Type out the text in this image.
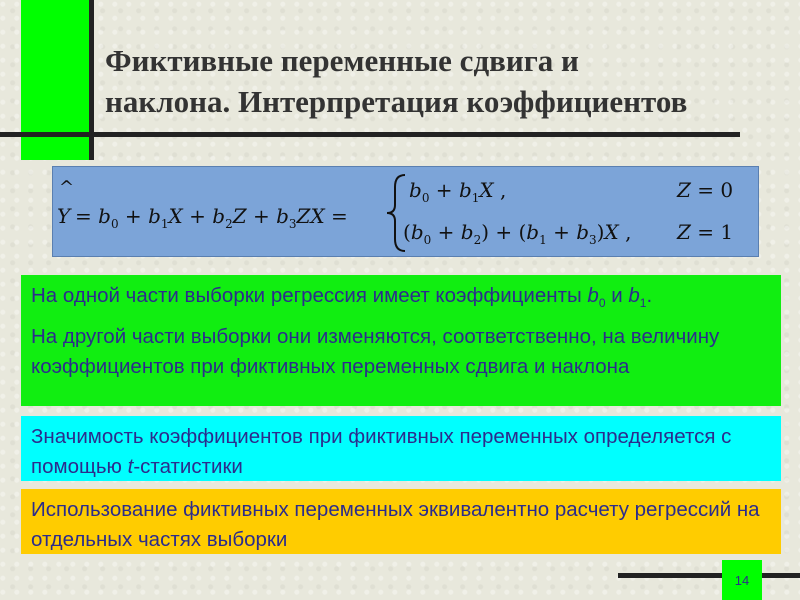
Фиктивные переменные сдвига и
наклона. Интерпретация коэффициентов
^
$Y = b_0 + b_1X + b_2Z + b_3ZX$ =
$b_0 + b_1X$ ,	Z = 0
$(b_0 + b_2) + (b_1 + b_3)X$ , Z = 1
На одной части выборки регрессия имеет коэффициенты $b_0$ и $b_1$.
На другой части выборки они изменяются, соответственно, на величину коэффициентов при фиктивных переменных сдвига и наклона
Значимость коэффициентов при фиктивных переменных определяется с помощью t-статистики
Использование фиктивных переменных эквивалентно расчету регрессий на отдельных частях выборки
14
